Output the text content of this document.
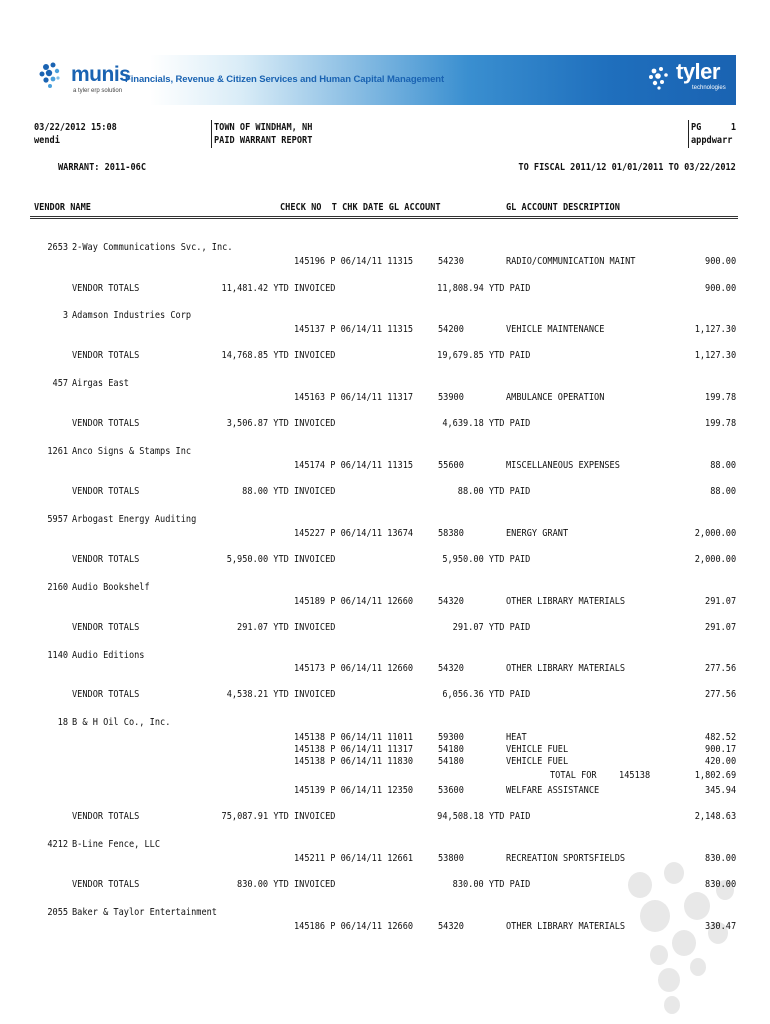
munis
a tyler erp solution
Financials, Revenue & Citizen Services and Human Capital Management	tyler
technologies
03/22/2012 15:08
wendi
TOWN OF WINDHAM, NH
PAID WARRANT REPORT
PG	1
appdwarr
WARRANT: 2011-06C	TO FISCAL 2011/12 01/01/2011 TO 03/22/2012
VENDOR NAME	CHECK NO  T CHK DATE GL ACCOUNT	GL ACCOUNT DESCRIPTION
2653 2-Way Communications Svc., Inc.
145196 P 06/14/11 11315 54230	RADIO/COMMUNICATION MAINT	900.00
VENDOR TOTALS	11,481.42 YTD INVOICED	11,808.94 YTD PAID	900.00
3 Adamson Industries Corp
145137 P 06/14/11 11315 54200	VEHICLE MAINTENANCE	1,127.30
VENDOR TOTALS	14,768.85 YTD INVOICED	19,679.85 YTD PAID	1,127.30
457 Airgas East
145163 P 06/14/11 11317 53900	AMBULANCE OPERATION	199.78
VENDOR TOTALS	3,506.87 YTD INVOICED	4,639.18 YTD PAID	199.78
1261 Anco Signs & Stamps Inc
145174 P 06/14/11 11315 55600	MISCELLANEOUS EXPENSES	88.00
VENDOR TOTALS	88.00 YTD INVOICED	88.00 YTD PAID	88.00
5957 Arbogast Energy Auditing
145227 P 06/14/11 13674 58380	ENERGY GRANT	2,000.00
VENDOR TOTALS	5,950.00 YTD INVOICED	5,950.00 YTD PAID	2,000.00
2160 Audio Bookshelf
145189 P 06/14/11 12660 54320	OTHER LIBRARY MATERIALS	291.07
VENDOR TOTALS	291.07 YTD INVOICED	291.07 YTD PAID	291.07
1140 Audio Editions
145173 P 06/14/11 12660 54320	OTHER LIBRARY MATERIALS	277.56
VENDOR TOTALS	4,538.21 YTD INVOICED	6,056.36 YTD PAID	277.56
18 B & H Oil Co., Inc.
145138 P 06/14/11 11011 59300	HEAT	482.52
145138 P 06/14/11 11317 54180	VEHICLE FUEL	900.17
145138 P 06/14/11 11830 54180	VEHICLE FUEL	420.00
TOTAL FOR 145138	1,802.69
145139 P 06/14/11 12350 53600	WELFARE ASSISTANCE	345.94
VENDOR TOTALS	75,087.91 YTD INVOICED	94,508.18 YTD PAID	2,148.63
4212 B-Line Fence, LLC
145211 P 06/14/11 12661 53800	RECREATION SPORTSFIELDS	830.00
VENDOR TOTALS	830.00 YTD INVOICED	830.00 YTD PAID	830.00
2055 Baker & Taylor Entertainment
145186 P 06/14/11 12660 54320	OTHER LIBRARY MATERIALS	330.47
